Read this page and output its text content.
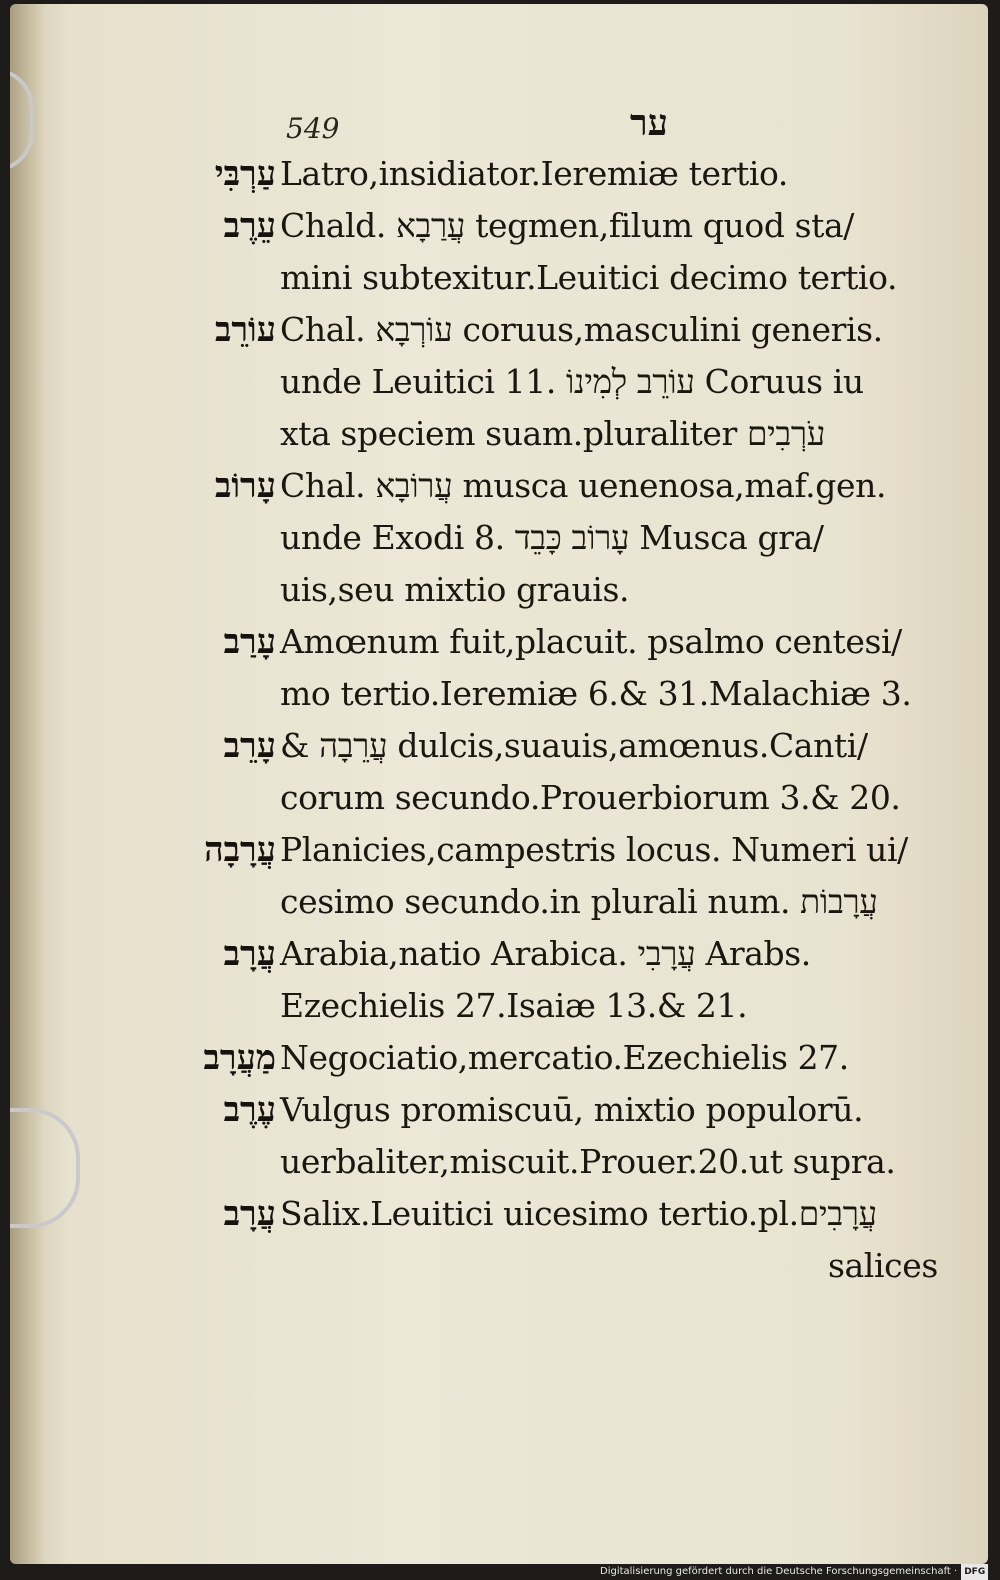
549	ער
עַרְבִּי Latro,insidiator.Ieremiæ tertio.
עֵרֶב Chald. עֲרַבָא tegmen,filum quod sta/
mini subtexitur.Leuitici decimo tertio.
עוֹרֵב Chal. עוֹרְבָא coruus,masculini generis.
unde Leuitici 11. עוֹרֵב לְמִינוֹ Coruus iu
xta speciem suam.pluraliter עֹרְבִים
עָרוֹב Chal. עֲרוֹבָא musca uenenosa,maf.gen.
unde Exodi 8. עָרוֹב כָּבֵד Musca gra/
uis,seu mixtio grauis.
עָרַב Amœnum fuit,placuit. psalmo centesi/
mo tertio.Ieremiæ 6.& 31.Malachiæ 3.
עָרֵב & עֲרֵבָה dulcis,suauis,amœnus.Canti/
corum secundo.Prouerbiorum 3.& 20.
עֲרָבָה Planicies,campestris locus. Numeri ui/
cesimo secundo.in plurali num. עֲרָבוֹת
עֲרָב Arabia,natio Arabica. עֲרָבִי Arabs.
Ezechielis 27.Isaiæ 13.& 21.
מַעֲרָב Negociatio,mercatio.Ezechielis 27.
עֶרֶב Vulgus promiscuū, mixtio populorū.
uerbaliter,miscuit.Prouer.20.ut supra.
עֲרָב Salix.Leuitici uicesimo tertio.pl.עֲרָבִים
salices
Digitalisierung gefördert durch die Deutsche Forschungsgemeinschaft · DFG
